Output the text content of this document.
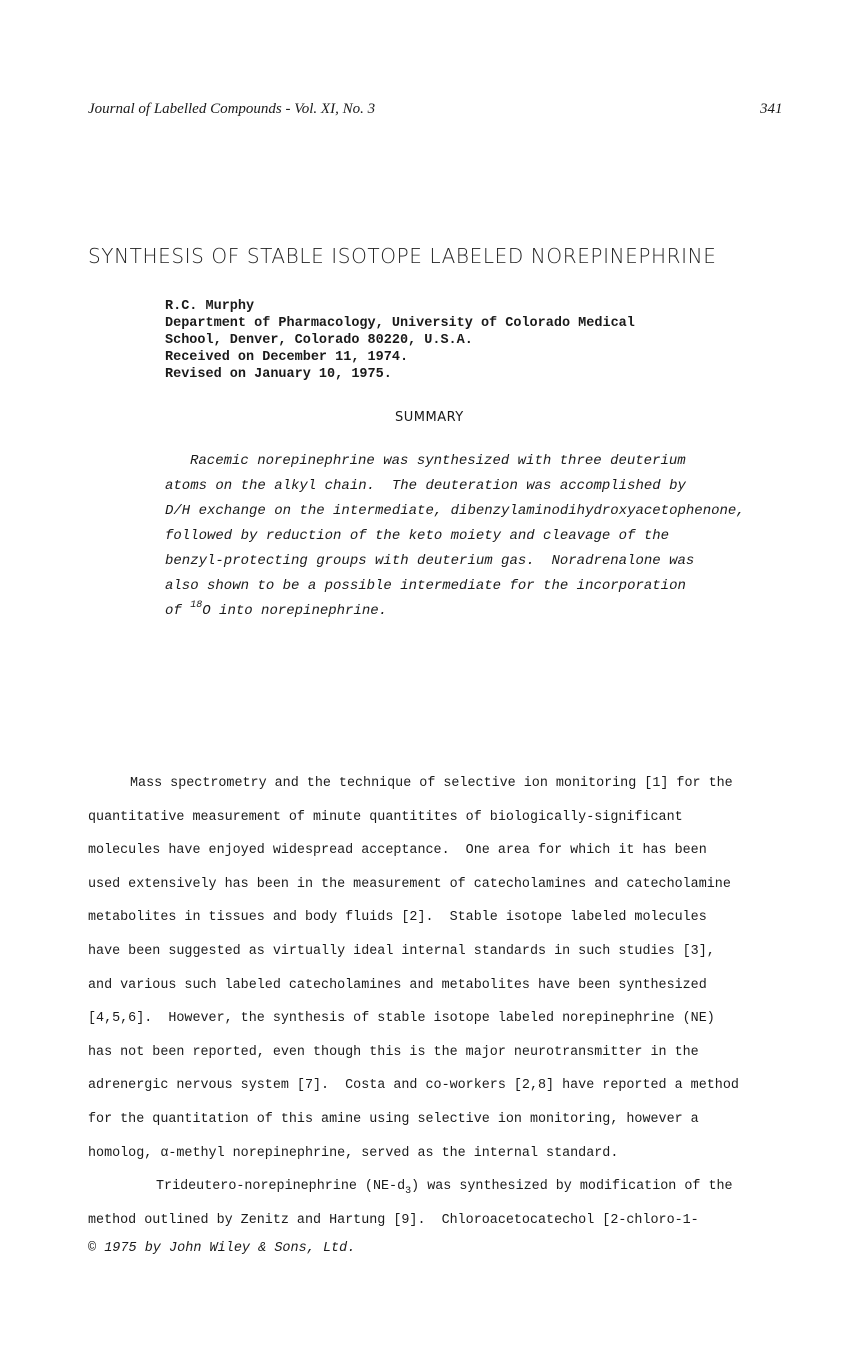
Journal of Labelled Compounds - Vol. XI, No. 3	341
SYNTHESIS OF STABLE ISOTOPE LABELED NOREPINEPHRINE
R.C. Murphy
Department of Pharmacology, University of Colorado Medical
School, Denver, Colorado 80220, U.S.A.
Received on December 11, 1974.
Revised on January 10, 1975.
SUMMARY
Racemic norepinephrine was synthesized with three deuterium
atoms on the alkyl chain.  The deuteration was accomplished by
D/H exchange on the intermediate, dibenzylaminodihydroxyacetophenone,
followed by reduction of the keto moiety and cleavage of the
benzyl-protecting groups with deuterium gas.  Noradrenalone was
also shown to be a possible intermediate for the incorporation
of $^{18}$O into norepinephrine.
Mass spectrometry and the technique of selective ion monitoring [1] for the
quantitative measurement of minute quantitites of biologically-significant
molecules have enjoyed widespread acceptance.  One area for which it has been
used extensively has been in the measurement of catecholamines and catecholamine
metabolites in tissues and body fluids [2].  Stable isotope labeled molecules
have been suggested as virtually ideal internal standards in such studies [3],
and various such labeled catecholamines and metabolites have been synthesized
[4,5,6].  However, the synthesis of stable isotope labeled norepinephrine (NE)
has not been reported, even though this is the major neurotransmitter in the
adrenergic nervous system [7].  Costa and co-workers [2,8] have reported a method
for the quantitation of this amine using selective ion monitoring, however a
homolog, α-methyl norepinephrine, served as the internal standard.
Trideutero-norepinephrine $(NE-d_3)$ was synthesized by modification of the
method outlined by Zenitz and Hartung [9].  Chloroacetocatechol [2-chloro-1-
© 1975 by John Wiley & Sons, Ltd.
